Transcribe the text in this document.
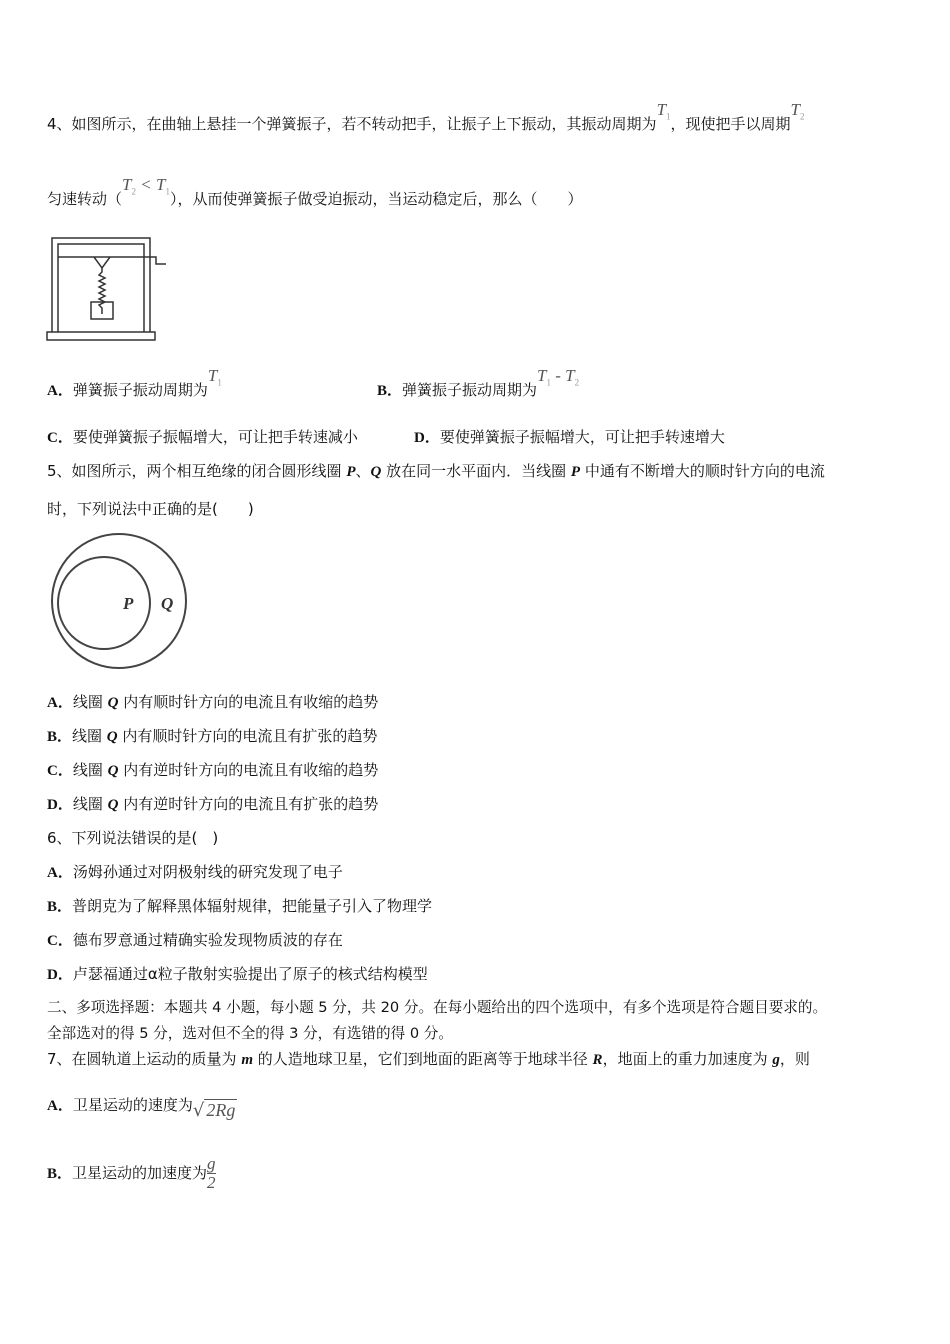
4、如图所示，在曲轴上悬挂一个弹簧振子，若不转动把手，让振子上下振动，其振动周期为$T_1$，现使把手以周期$T_2$
匀速转动$(T_2 < T_1)$，从而使弹簧振子做受迫振动，当运动稳定后，那么（　　）
A．弹簧振子振动周期为$T_1$
B．弹簧振子振动周期为$T_1 - T_2$
C．要使弹簧振子振幅增大，可让把手转速减小	D．要使弹簧振子振幅增大，可让把手转速增大
5、如图所示，两个相互绝缘的闭合圆形线圈 P、Q 放在同一水平面内．当线圈 P 中通有不断增大的顺时针方向的电流
时，下列说法中正确的是(　　)
P Q
A．线圈 Q 内有顺时针方向的电流且有收缩的趋势
B．线圈 Q 内有顺时针方向的电流且有扩张的趋势
C．线圈 Q 内有逆时针方向的电流且有收缩的趋势
D．线圈 Q 内有逆时针方向的电流且有扩张的趋势
6、下列说法错误的是(　)
A．汤姆孙通过对阴极射线的研究发现了电子
B．普朗克为了解释黑体辐射规律，把能量子引入了物理学
C．德布罗意通过精确实验发现物质波的存在
D．卢瑟福通过α粒子散射实验提出了原子的核式结构模型
二、多项选择题：本题共 4 小题，每小题 5 分，共 20 分。在每小题给出的四个选项中，有多个选项是符合题目要求的。
全部选对的得 5 分，选对但不全的得 3 分，有选错的得 0 分。
7、在圆轨道上运动的质量为 m 的人造地球卫星，它们到地面的距离等于地球半径 R，地面上的重力加速度为 g，则
A．卫星运动的速度为√ 2Rg
B．卫星运动的加速度为 $\frac{g}{2}$
